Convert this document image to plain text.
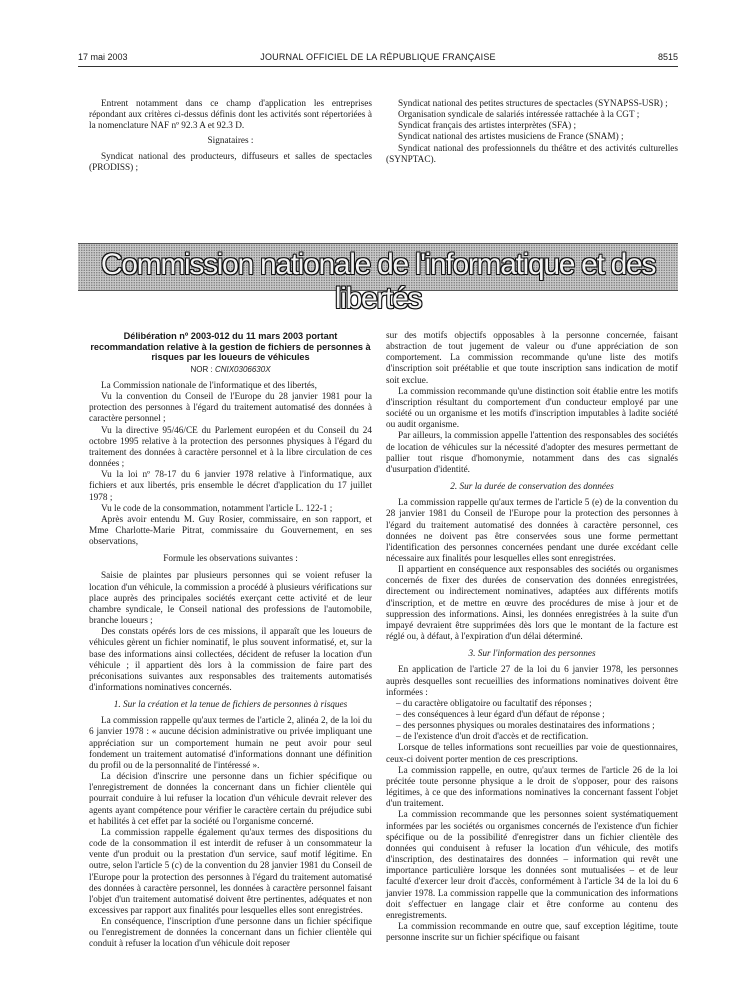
17 mai 2003	JOURNAL OFFICIEL DE LA RÉPUBLIQUE FRANÇAISE	8515

Entrent notamment dans ce champ d'application les entreprises répondant aux critères ci-dessus définis dont les activités sont répertoriées à la nomenclature NAF nº 92.3 A et 92.3 D.

Signataires :

Syndicat national des producteurs, diffuseurs et salles de spectacles (PRODISS) ;

Syndicat national des petites structures de spectacles (SYNAPSS-USR) ;

Organisation syndicale de salariés intéressée rattachée à la CGT ;

Syndicat français des artistes interprètes (SFA) ;

Syndicat national des artistes musiciens de France (SNAM) ;

Syndicat national des professionnels du théâtre et des activités culturelles (SYNPTAC).

Commission nationale de l'informatique et des libertés
Délibération nº 2003-012 du 11 mars 2003 portant recommandation relative à la gestion de fichiers de personnes à risques par les loueurs de véhicules
NOR : CNIX0306630X

La Commission nationale de l'informatique et des libertés,

Vu la convention du Conseil de l'Europe du 28 janvier 1981 pour la protection des personnes à l'égard du traitement automatisé des données à caractère personnel ;

Vu la directive 95/46/CE du Parlement européen et du Conseil du 24 octobre 1995 relative à la protection des personnes physiques à l'égard du traitement des données à caractère personnel et à la libre circulation de ces données ;

Vu la loi nº 78-17 du 6 janvier 1978 relative à l'informatique, aux fichiers et aux libertés, pris ensemble le décret d'application du 17 juillet 1978 ;

Vu le code de la consommation, notamment l'article L. 122-1 ;

Après avoir entendu M. Guy Rosier, commissaire, en son rapport, et Mme Charlotte-Marie Pitrat, commissaire du Gouvernement, en ses observations,

Formule les observations suivantes :

Saisie de plaintes par plusieurs personnes qui se voient refuser la location d'un véhicule, la commission a procédé à plusieurs vérifications sur place auprès des principales sociétés exerçant cette activité et de leur chambre syndicale, le Conseil national des professions de l'automobile, branche loueurs ;

Des constats opérés lors de ces missions, il apparaît que les loueurs de véhicules gèrent un fichier nominatif, le plus souvent informatisé, et, sur la base des informations ainsi collectées, décident de refuser la location d'un véhicule ; il appartient dès lors à la commission de faire part des préconisations suivantes aux responsables des traitements automatisés d'informations nominatives concernés.

1. Sur la création et la tenue de fichiers de personnes à risques

La commission rappelle qu'aux termes de l'article 2, alinéa 2, de la loi du 6 janvier 1978 : « aucune décision administrative ou privée impliquant une appréciation sur un comportement humain ne peut avoir pour seul fondement un traitement automatisé d'informations donnant une définition du profil ou de la personnalité de l'intéressé ».

La décision d'inscrire une personne dans un fichier spécifique ou l'enregistrement de données la concernant dans un fichier clientèle qui pourrait conduire à lui refuser la location d'un véhicule devrait relever des agents ayant compétence pour vérifier le caractère certain du préjudice subi et habilités à cet effet par la société ou l'organisme concerné.

La commission rappelle également qu'aux termes des dispositions du code de la consommation il est interdit de refuser à un consommateur la vente d'un produit ou la prestation d'un service, sauf motif légitime. En outre, selon l'article 5 (c) de la convention du 28 janvier 1981 du Conseil de l'Europe pour la protection des personnes à l'égard du traitement automatisé des données à caractère personnel, les données à caractère personnel faisant l'objet d'un traitement automatisé doivent être pertinentes, adéquates et non excessives par rapport aux finalités pour lesquelles elles sont enregistrées.

En conséquence, l'inscription d'une personne dans un fichier spécifique ou l'enregistrement de données la concernant dans un fichier clientèle qui conduit à refuser la location d'un véhicule doit reposer

sur des motifs objectifs opposables à la personne concernée, faisant abstraction de tout jugement de valeur ou d'une appréciation de son comportement. La commission recommande qu'une liste des motifs d'inscription soit préétablie et que toute inscription sans indication de motif soit exclue.

La commission recommande qu'une distinction soit établie entre les motifs d'inscription résultant du comportement d'un conducteur employé par une société ou un organisme et les motifs d'inscription imputables à ladite société ou audit organisme.

Par ailleurs, la commission appelle l'attention des responsables des sociétés de location de véhicules sur la nécessité d'adopter des mesures permettant de pallier tout risque d'homonymie, notamment dans des cas signalés d'usurpation d'identité.

2. Sur la durée de conservation des données

La commission rappelle qu'aux termes de l'article 5 (e) de la convention du 28 janvier 1981 du Conseil de l'Europe pour la protection des personnes à l'égard du traitement automatisé des données à caractère personnel, ces données ne doivent pas être conservées sous une forme permettant l'identification des personnes concernées pendant une durée excédant celle nécessaire aux finalités pour lesquelles elles sont enregistrées.

Il appartient en conséquence aux responsables des sociétés ou organismes concernés de fixer des durées de conservation des données enregistrées, directement ou indirectement nominatives, adaptées aux différents motifs d'inscription, et de mettre en œuvre des procédures de mise à jour et de suppression des informations. Ainsi, les données enregistrées à la suite d'un impayé devraient être supprimées dès lors que le montant de la facture est réglé ou, à défaut, à l'expiration d'un délai déterminé.

3. Sur l'information des personnes

En application de l'article 27 de la loi du 6 janvier 1978, les personnes auprès desquelles sont recueillies des informations nominatives doivent être informées :

– du caractère obligatoire ou facultatif des réponses ;

– des conséquences à leur égard d'un défaut de réponse ;

– des personnes physiques ou morales destinataires des informations ;

– de l'existence d'un droit d'accès et de rectification.

Lorsque de telles informations sont recueillies par voie de questionnaires, ceux-ci doivent porter mention de ces prescriptions.

La commission rappelle, en outre, qu'aux termes de l'article 26 de la loi précitée toute personne physique a le droit de s'opposer, pour des raisons légitimes, à ce que des informations nominatives la concernant fassent l'objet d'un traitement.

La commission recommande que les personnes soient systématiquement informées par les sociétés ou organismes concernés de l'existence d'un fichier spécifique ou de la possibilité d'enregistrer dans un fichier clientèle des données qui conduisent à refuser la location d'un véhicule, des motifs d'inscription, des destinataires des données – information qui revêt une importance particulière lorsque les données sont mutualisées – et de leur faculté d'exercer leur droit d'accès, conformément à l'article 34 de la loi du 6 janvier 1978. La commission rappelle que la communication des informations doit s'effectuer en langage clair et être conforme au contenu des enregistrements.

La commission recommande en outre que, sauf exception légitime, toute personne inscrite sur un fichier spécifique ou faisant
